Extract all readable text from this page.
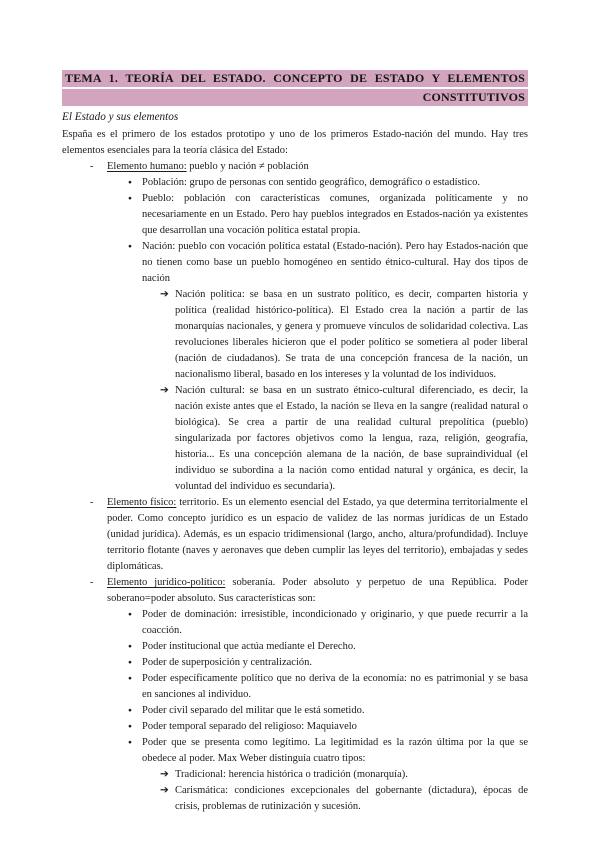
TEMA 1. TEORÍA DEL ESTADO. CONCEPTO DE ESTADO Y ELEMENTOS
CONSTITUTIVOS
El Estado y sus elementos

España es el primero de los estados prototipo y uno de los primeros Estado-nación del mundo. Hay tres elementos esenciales para la teoría clásica del Estado:

- Elemento humano: pueblo y nación ≠ población
● Población: grupo de personas con sentido geográfico, demográfico o estadístico.
● Pueblo: población con características comunes, organizada políticamente y no necesariamente en un Estado. Pero hay pueblos integrados en Estados-nación ya existentes que desarrollan una vocación política estatal propia.
● Nación: pueblo con vocación política estatal (Estado-nación). Pero hay Estados-nación que no tienen como base un pueblo homogéneo en sentido étnico-cultural. Hay dos tipos de nación
➔ Nación política: se basa en un sustrato político, es decir, comparten historia y política (realidad histórico-política). El Estado crea la nación a partir de las monarquías nacionales, y genera y promueve vínculos de solidaridad colectiva. Las revoluciones liberales hicieron que el poder político se sometiera al poder liberal (nación de ciudadanos). Se trata de una concepción francesa de la nación, un nacionalismo liberal, basado en los intereses y la voluntad de los individuos.
➔ Nación cultural: se basa en un sustrato étnico-cultural diferenciado, es decir, la nación existe antes que el Estado, la nación se lleva en la sangre (realidad natural o biológica). Se crea a partir de una realidad cultural prepolítica (pueblo) singularizada por factores objetivos como la lengua, raza, religión, geografía, historia... Es una concepción alemana de la nación, de base supraindividual (el individuo se subordina a la nación como entidad natural y orgánica, es decir, la voluntad del individuo es secundaria).
- Elemento físico: territorio. Es un elemento esencial del Estado, ya que determina territorialmente el poder. Como concepto jurídico es un espacio de validez de las normas jurídicas de un Estado (unidad jurídica). Además, es un espacio tridimensional (largo, ancho, altura/profundidad). Incluye territorio flotante (naves y aeronaves que deben cumplir las leyes del territorio), embajadas y sedes diplomáticas.
- Elemento jurídico-político: soberanía. Poder absoluto y perpetuo de una República. Poder soberano=poder absoluto. Sus características son:
● Poder de dominación: irresistible, incondicionado y originario, y que puede recurrir a la coacción.
● Poder institucional que actúa mediante el Derecho.
● Poder de superposición y centralización.
● Poder específicamente político que no deriva de la economía: no es patrimonial y se basa en sanciones al individuo.
● Poder civil separado del militar que le está sometido.
● Poder temporal separado del religioso: Maquiavelo
● Poder que se presenta como legítimo. La legitimidad es la razón última por la que se obedece al poder. Max Weber distinguía cuatro tipos:
➔ Tradicional: herencia histórica o tradición (monarquía).
➔ Carismática: condiciones excepcionales del gobernante (dictadura), épocas de crisis, problemas de rutinización y sucesión.
